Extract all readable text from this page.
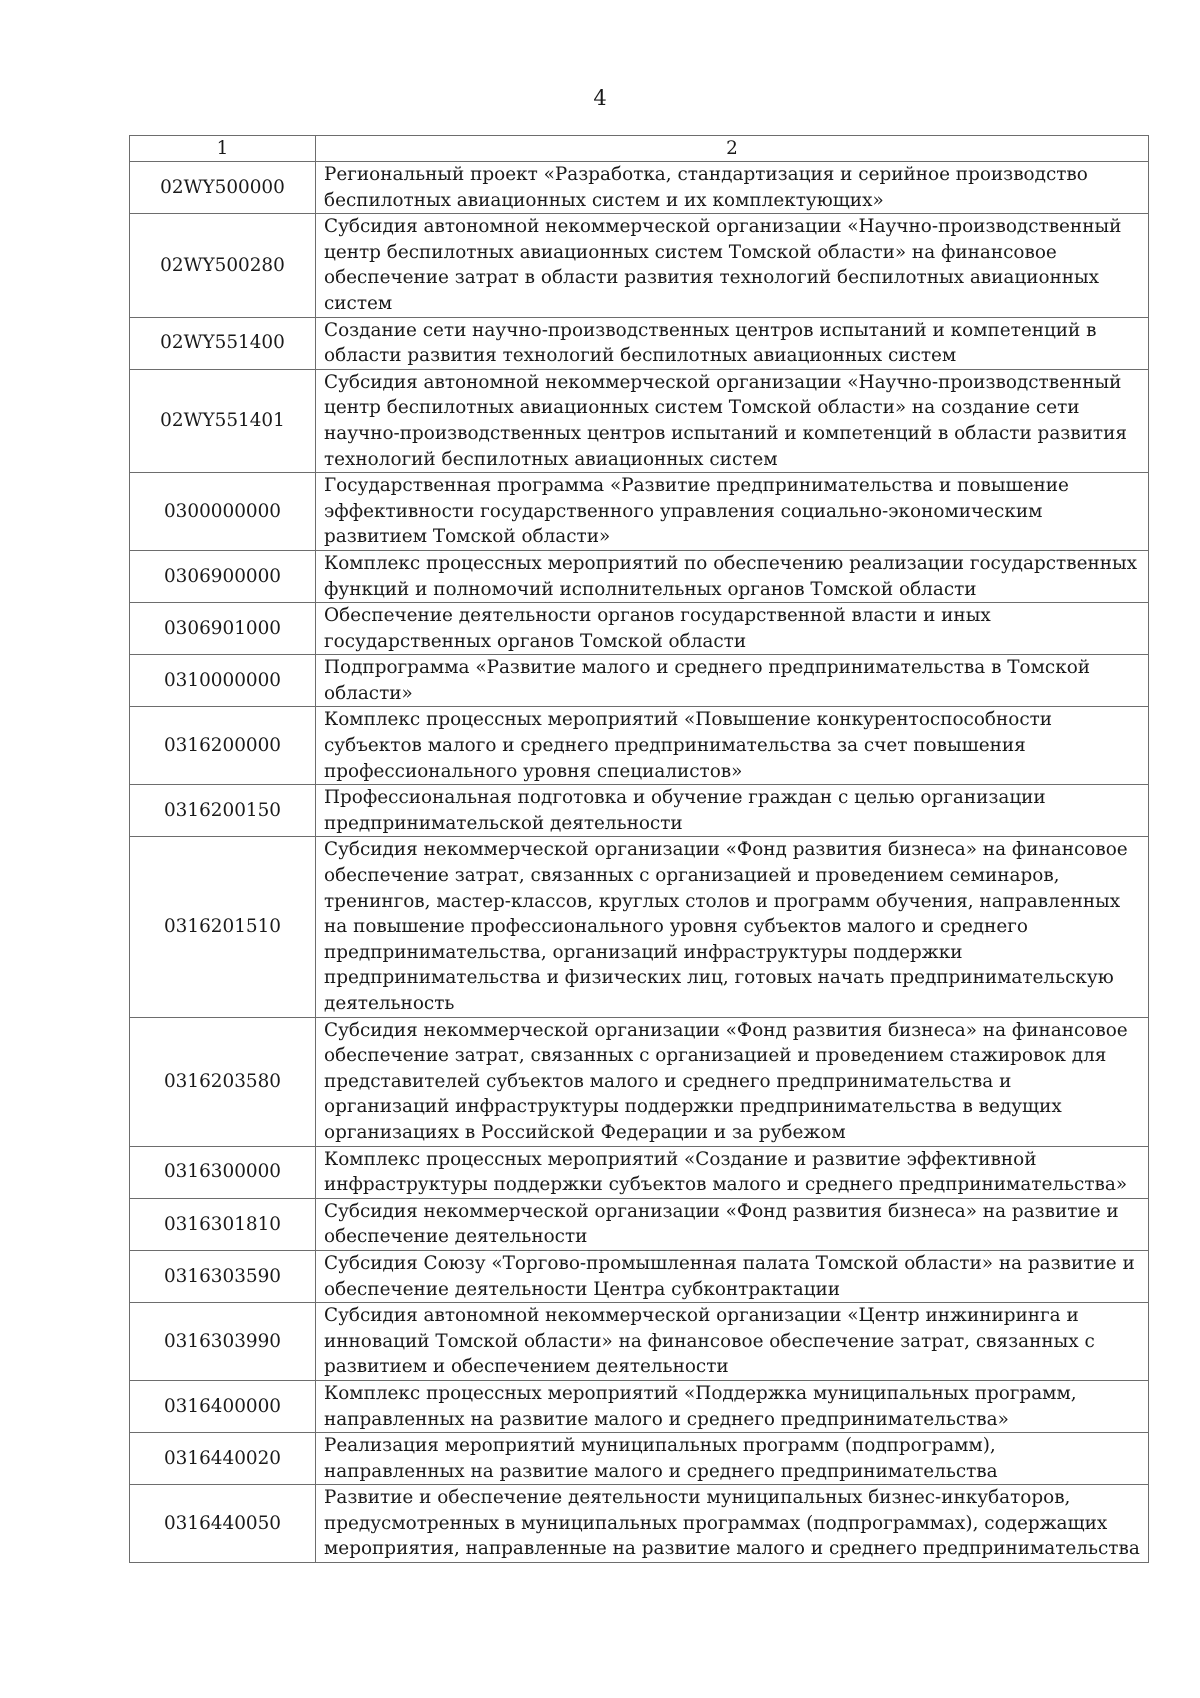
4
1	2
02WY500000	Региональный проект «Разработка, стандартизация и серийное производство беспилотных авиационных систем и их комплектующих»
02WY500280	Субсидия автономной некоммерческой организации «Научно-производственный центр беспилотных авиационных систем Томской области» на финансовое обеспечение затрат в области развития технологий беспилотных авиационных систем
02WY551400	Создание сети научно-производственных центров испытаний и компетенций в области развития технологий беспилотных авиационных систем
02WY551401	Субсидия автономной некоммерческой организации «Научно-производственный центр беспилотных авиационных систем Томской области» на создание сети научно-производственных центров испытаний и компетенций в области развития технологий беспилотных авиационных систем
0300000000	Государственная программа «Развитие предпринимательства и повышение эффективности государственного управления социально-экономическим развитием Томской области»
0306900000	Комплекс процессных мероприятий по обеспечению реализации государственных функций и полномочий исполнительных органов Томской области
0306901000	Обеспечение деятельности органов государственной власти и иных государственных органов Томской области
0310000000	Подпрограмма «Развитие малого и среднего предпринимательства в Томской области»
0316200000	Комплекс процессных мероприятий «Повышение конкурентоспособности субъектов малого и среднего предпринимательства за счет повышения профессионального уровня специалистов»
0316200150	Профессиональная подготовка и обучение граждан с целью организации предпринимательской деятельности
0316201510	Субсидия некоммерческой организации «Фонд развития бизнеса» на финансовое обеспечение затрат, связанных с организацией и проведением семинаров, тренингов, мастер-классов, круглых столов и программ обучения, направленных на повышение профессионального уровня субъектов малого и среднего предпринимательства, организаций инфраструктуры поддержки предпринимательства и физических лиц, готовых начать предпринимательскую деятельность
0316203580	Субсидия некоммерческой организации «Фонд развития бизнеса» на финансовое обеспечение затрат, связанных с организацией и проведением стажировок для представителей субъектов малого и среднего предпринимательства и организаций инфраструктуры поддержки предпринимательства в ведущих организациях в Российской Федерации и за рубежом
0316300000	Комплекс процессных мероприятий «Создание и развитие эффективной инфраструктуры поддержки субъектов малого и среднего предпринимательства»
0316301810	Субсидия некоммерческой организации «Фонд развития бизнеса» на развитие и обеспечение деятельности
0316303590	Субсидия Союзу «Торгово-промышленная палата Томской области» на развитие и обеспечение деятельности Центра субконтрактации
0316303990	Субсидия автономной некоммерческой организации «Центр инжиниринга и инноваций Томской области» на финансовое обеспечение затрат, связанных с развитием и обеспечением деятельности
0316400000	Комплекс процессных мероприятий «Поддержка муниципальных программ, направленных на развитие малого и среднего предпринимательства»
0316440020	Реализация мероприятий муниципальных программ (подпрограмм), направленных на развитие малого и среднего предпринимательства
0316440050	Развитие и обеспечение деятельности муниципальных бизнес-инкубаторов, предусмотренных в муниципальных программах (подпрограммах), содержащих мероприятия, направленные на развитие малого и среднего предпринимательства
